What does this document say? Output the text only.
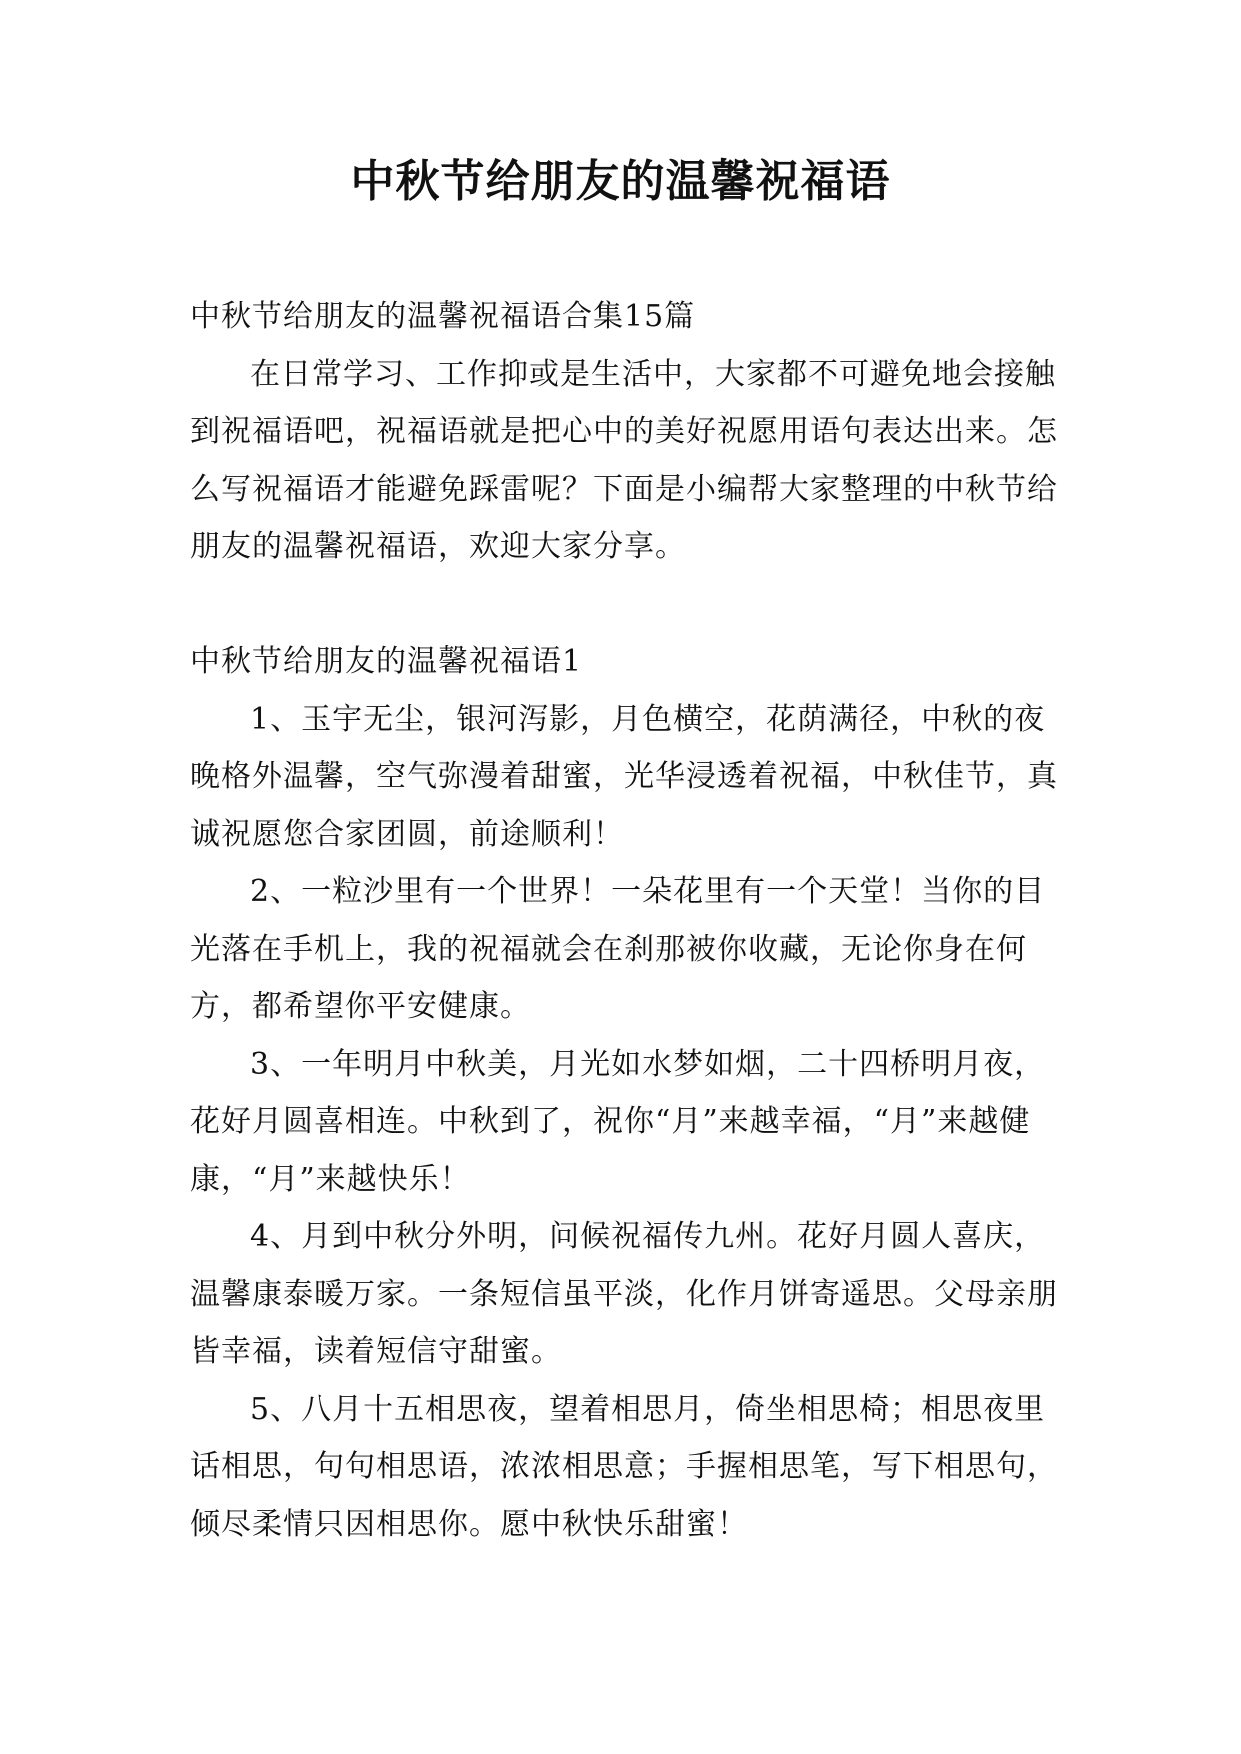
中秋节给朋友的温馨祝福语

中秋节给朋友的温馨祝福语合集15篇

在日常学习、工作抑或是生活中，大家都不可避免地会接触到祝福语吧，祝福语就是把心中的美好祝愿用语句表达出来。怎么写祝福语才能避免踩雷呢？下面是小编帮大家整理的中秋节给朋友的温馨祝福语，欢迎大家分享。

中秋节给朋友的温馨祝福语1

1、玉宇无尘，银河泻影，月色横空，花荫满径，中秋的夜晚格外温馨，空气弥漫着甜蜜，光华浸透着祝福，中秋佳节，真诚祝愿您合家团圆，前途顺利！

2、一粒沙里有一个世界！一朵花里有一个天堂！当你的目光落在手机上，我的祝福就会在刹那被你收藏，无论你身在何方，都希望你平安健康。

3、一年明月中秋美，月光如水梦如烟，二十四桥明月夜，花好月圆喜相连。中秋到了，祝你“月”来越幸福，“月”来越健康，“月”来越快乐！

4、月到中秋分外明，问候祝福传九州。花好月圆人喜庆，温馨康泰暖万家。一条短信虽平淡，化作月饼寄遥思。父母亲朋皆幸福，读着短信守甜蜜。

5、八月十五相思夜，望着相思月，倚坐相思椅；相思夜里话相思，句句相思语，浓浓相思意；手握相思笔，写下相思句，倾尽柔情只因相思你。愿中秋快乐甜蜜！
